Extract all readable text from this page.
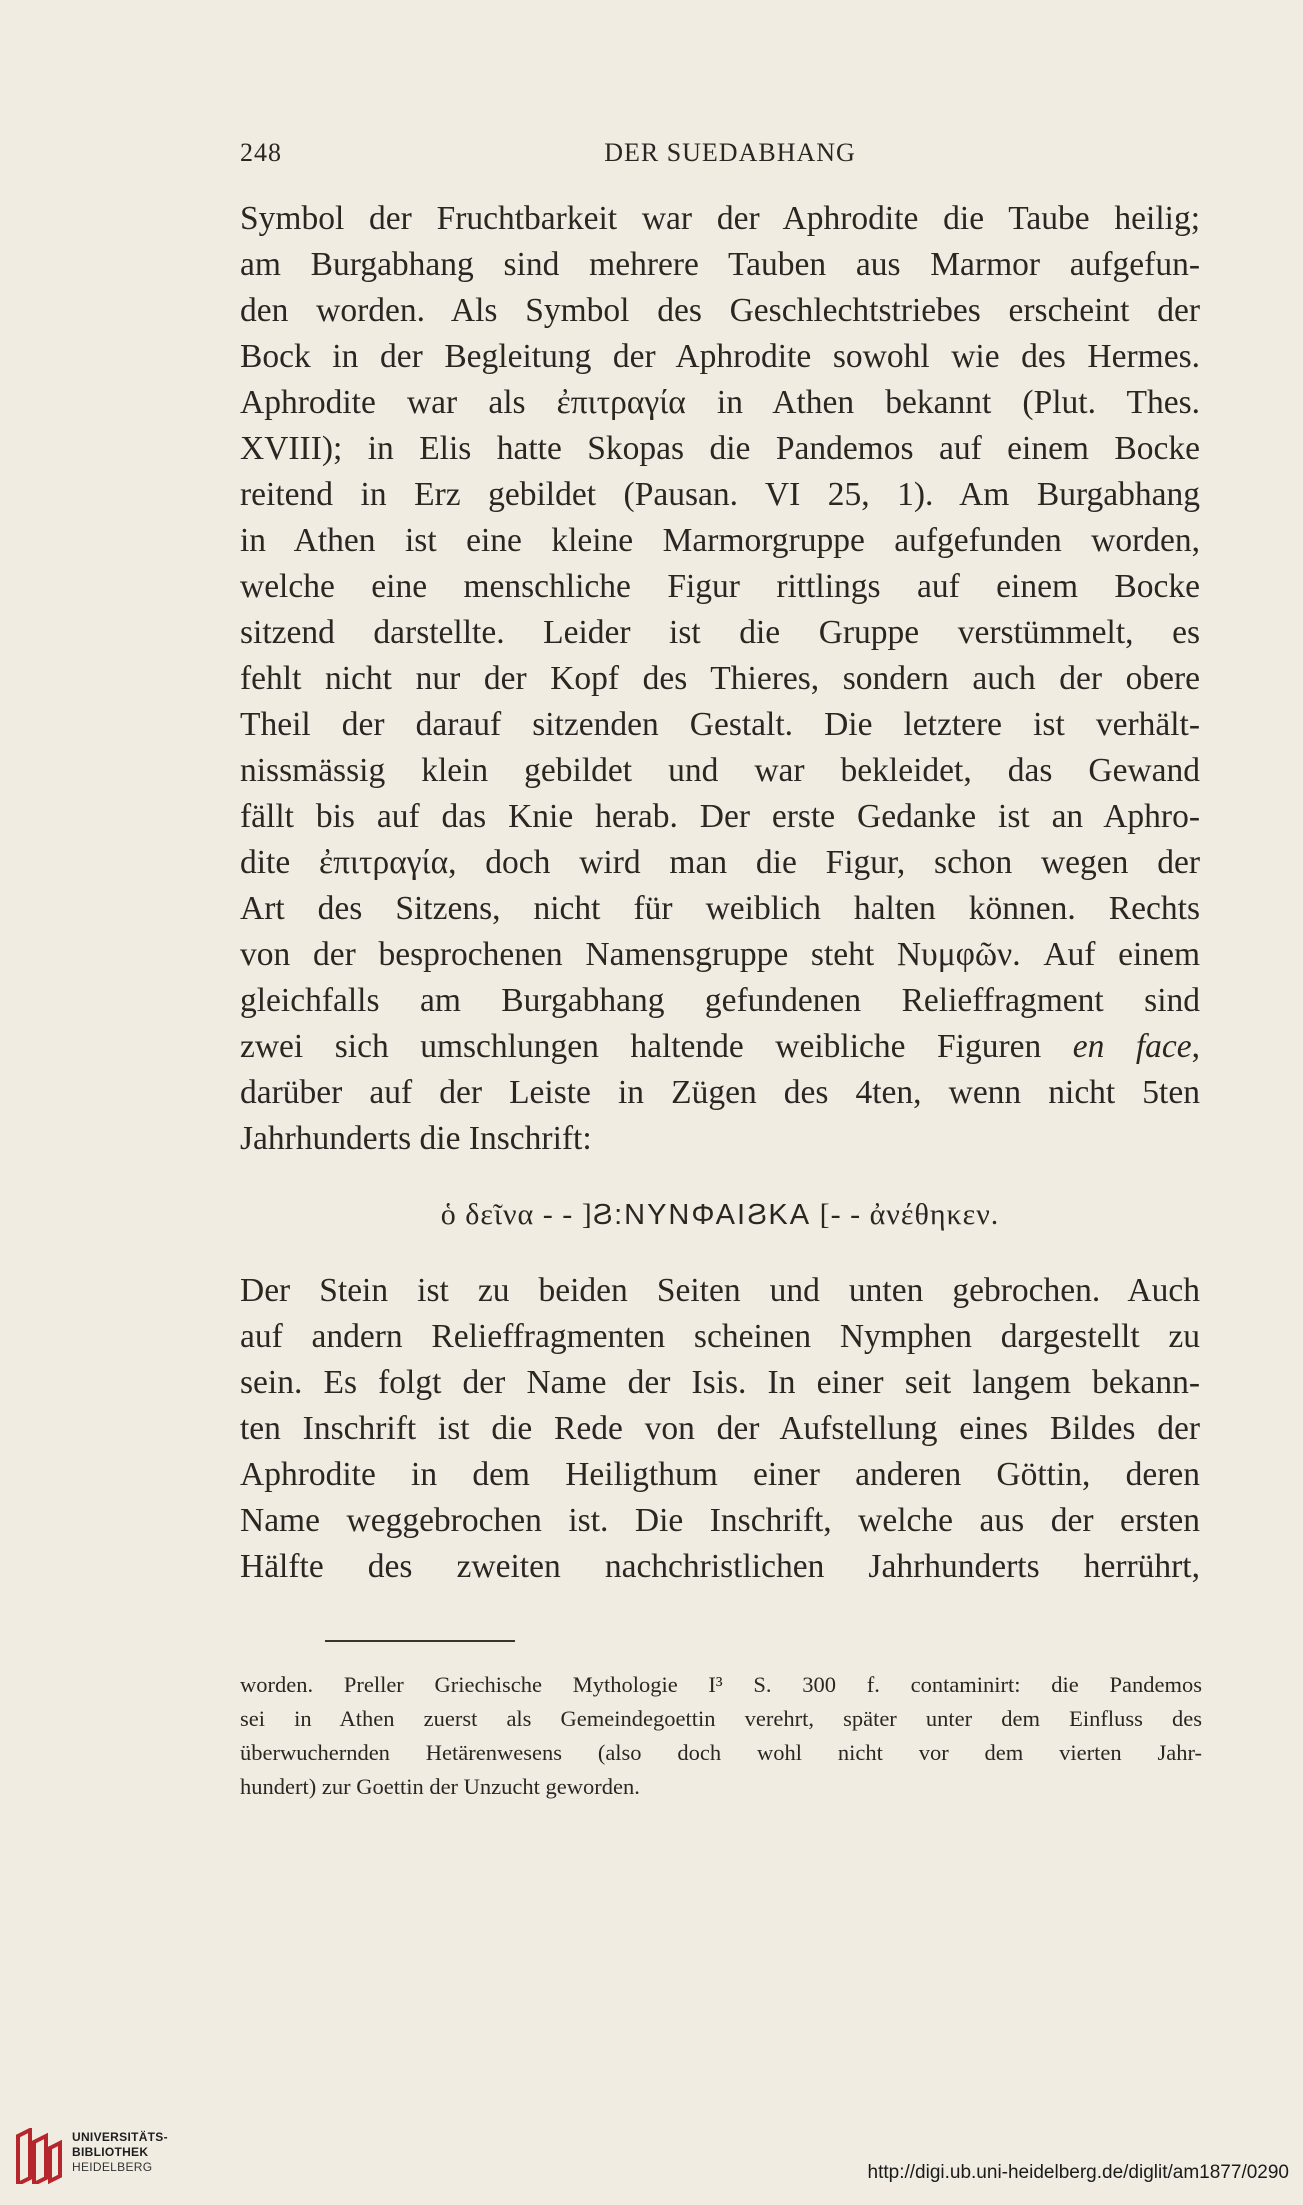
248	DER SUEDABHANG
Symbol der Fruchtbarkeit war der Aphrodite die Taube heilig;
am Burgabhang sind mehrere Tauben aus Marmor aufgefun-
den worden. Als Symbol des Geschlechtstriebes erscheint der
Bock in der Begleitung der Aphrodite sowohl wie des Hermes.
Aphrodite war als ἐπιτραγία in Athen bekannt (Plut. Thes.
XVIII); in Elis hatte Skopas die Pandemos auf einem Bocke
reitend in Erz gebildet (Pausan. VI 25, 1). Am Burgabhang
in Athen ist eine kleine Marmorgruppe aufgefunden worden,
welche eine menschliche Figur rittlings auf einem Bocke
sitzend darstellte. Leider ist die Gruppe verstümmelt, es
fehlt nicht nur der Kopf des Thieres, sondern auch der obere
Theil der darauf sitzenden Gestalt. Die letztere ist verhält-
nissmässig klein gebildet und war bekleidet, das Gewand
fällt bis auf das Knie herab. Der erste Gedanke ist an Aphro-
dite ἐπιτραγία, doch wird man die Figur, schon wegen der
Art des Sitzens, nicht für weiblich halten können. Rechts
von der besprochenen Namensgruppe steht Νυμφῶν. Auf einem
gleichfalls am Burgabhang gefundenen Relieffragment sind
zwei sich umschlungen haltende weibliche Figuren en face,
darüber auf der Leiste in Zügen des 4ten, wenn nicht 5ten
Jahrhunderts die Inschrift:
ὁ δεῖνα - - ]Ϩ:ΝΥΝΦΑΙϨΚΑ [- - ἀνέθηκεν.
Der Stein ist zu beiden Seiten und unten gebrochen. Auch
auf andern Relieffragmenten scheinen Nymphen dargestellt zu
sein. Es folgt der Name der Isis. In einer seit langem bekann-
ten Inschrift ist die Rede von der Aufstellung eines Bildes der
Aphrodite in dem Heiligthum einer anderen Göttin, deren
Name weggebrochen ist. Die Inschrift, welche aus der ersten
Hälfte des zweiten nachchristlichen Jahrhunderts herrührt,
worden. Preller Griechische Mythologie I³ S. 300 f. contaminirt: die Pandemos
sei in Athen zuerst als Gemeindegoettin verehrt, später unter dem Einfluss des
überwuchernden Hetärenwesens (also doch wohl nicht vor dem vierten Jahr-
hundert) zur Goettin der Unzucht geworden.
UNIVERSITÄTS-
BIBLIOTHEK
HEIDELBERG	http://digi.ub.uni-heidelberg.de/diglit/am1877/0290
